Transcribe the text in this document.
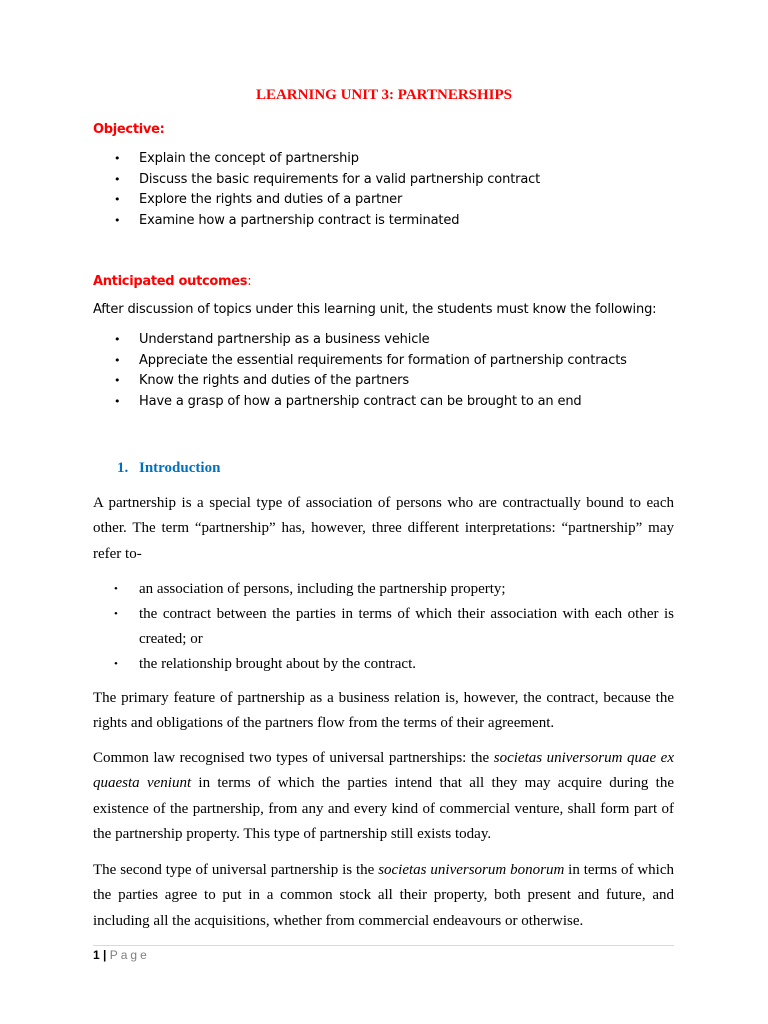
LEARNING UNIT 3: PARTNERSHIPS
Objective:
• Explain the concept of partnership
• Discuss the basic requirements for a valid partnership contract
• Explore the rights and duties of a partner
• Examine how a partnership contract is terminated
Anticipated outcomes:
After discussion of topics under this learning unit, the students must know the following:
• Understand partnership as a business vehicle
• Appreciate the essential requirements for formation of partnership contracts
• Know the rights and duties of the partners
• Have a grasp of how a partnership contract can be brought to an end
1. Introduction

A partnership is a special type of association of persons who are contractually bound to each other. The term “partnership” has, however, three different interpretations: “partnership” may refer to-

• an association of persons, including the partnership property;
• the contract between the parties in terms of which their association with each other is created; or
• the relationship brought about by the contract.

The primary feature of partnership as a business relation is, however, the contract, because the rights and obligations of the partners flow from the terms of their agreement.

Common law recognised two types of universal partnerships: the societas universorum quae ex quaesta veniunt in terms of which the parties intend that all they may acquire during the existence of the partnership, from any and every kind of commercial venture, shall form part of the partnership property. This type of partnership still exists today.

The second type of universal partnership is the societas universorum bonorum in terms of which the parties agree to put in a common stock all their property, both present and future, and including all the acquisitions, whether from commercial endeavours or otherwise.

1 | Page
